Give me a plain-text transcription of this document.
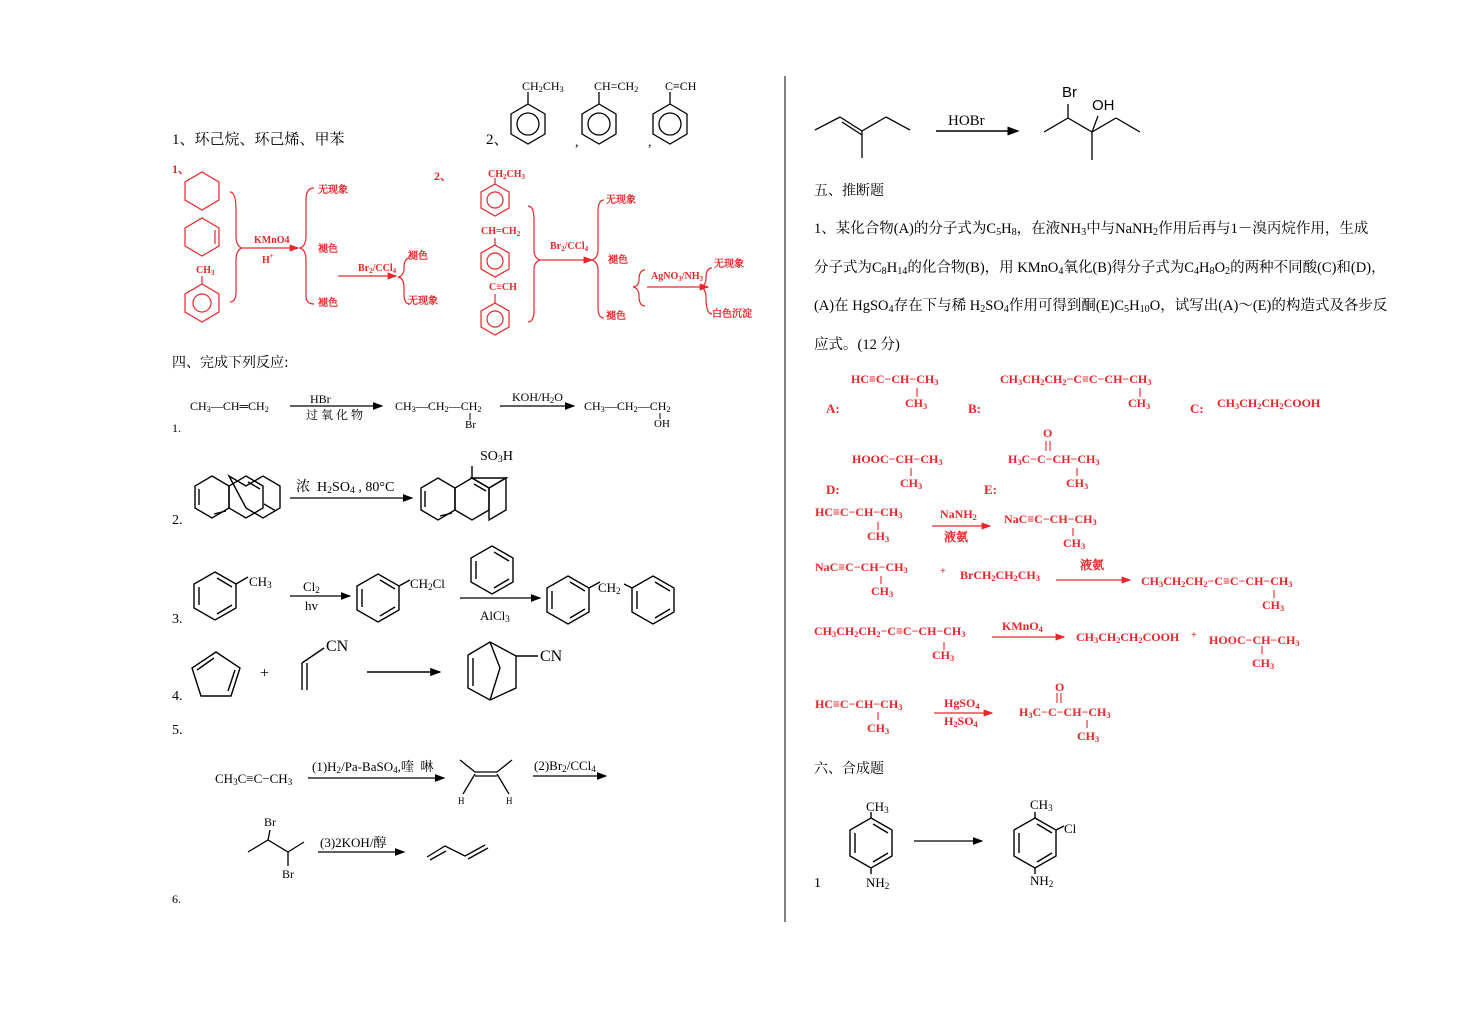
1、环己烷、环己烯、甲苯	2、
$CH_2CH_3$	$CH=CH_2$ C≡CH
,	,
1、
$CH_3$
KMnO4
H+
无现象
褪色
褪色
$Br_2/CCl_4$
褪色
无现象
2、	$CH_2CH_3$
$CH=CH_2$
C≡CH
$Br_2/CCl_4$
无现象
褪色
褪色
$AgNO_3/NH_3$
无现象
白色沉淀
四、完成下列反应:
1.
$CH_3—CH═CH_2$
HBr
过 氧 化 物
$CH_3—CH_2—CH_2$
Br
KOH/$H_2O$
$CH_3—CH_2—CH_2$
OH
2.
浓  $H_2SO_4$ , 80°C
$SO_3H$
3.
$CH_3$ $Cl_2$
hv
$CH_2Cl$
AlCl$_3$
$CH_2$
4.
+
CN
CN
5.
$CH_3C\equiv C-CH_3$
$(1)H_2/Pa-BaSO_4$,喹  啉
H	H
$(2)Br_2/CCl_4$
Br
Br
(3)2KOH/醇
6.
HOBr
Br
OH
五、推断题
1、某化合物(A)的分子式为$C_5H_8$，在液$NH_3$中与NaNH$_2$作用后再与1－溴丙烷作用，生成
分子式为$C_8H_{14}$的化合物(B)，用 KMnO$_4$氧化(B)得分子式为$C_4H_8O_2$的两种不同酸(C)和(D)，
(A)在 HgSO$_4$存在下与稀 $H_2SO_4$作用可得到酮$(E)C_5H_{10}O$，试写出(A)～(E)的构造式及各步反
应式。(12 分)
A:
$HC\equiv C-CH-CH_3$
$CH_3$	B:
$CH_3CH_2CH_2-C\equiv C-CH-CH_3$
$CH_3$	C: $CH_3CH_2CH_2COOH$
D:
$HOOC-CH-CH_3$
$CH_3$	E:
O
$H_3C-C-CH-CH_3$
$CH_3$
$HC\equiv C-CH-CH_3$
$CH_3$
NaNH$_2$
液氨
$NaC\equiv C-CH-CH_3$
$CH_3$
$NaC\equiv C-CH-CH_3$
$CH_3$
+ $BrCH_2CH_2CH_3$
液氨
$CH_3CH_2CH_2-C\equiv C-CH-CH_3$
$CH_3$
$CH_3CH_2CH_2-C\equiv C-CH-CH_3$
$CH_3$
KMnO$_4$
$CH_3CH_2CH_2COOH$ + $HOOC-CH-CH_3$
$CH_3$
$HC\equiv C-CH-CH_3$
$CH_3$
HgSO$_4$
$H_2SO_4$
O
$H_3C-C-CH-CH_3$
$CH_3$
六、合成题
1
$CH_3$
$NH_2$
$CH_3$
Cl
$NH_2$
